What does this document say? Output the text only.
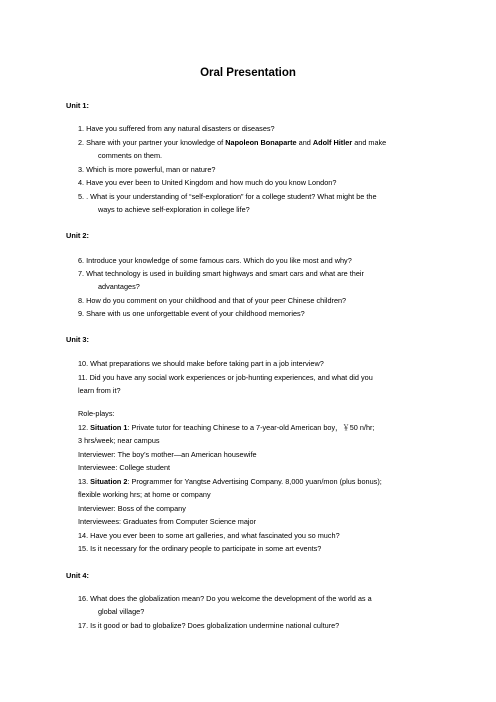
Oral Presentation
Unit 1:
1. Have you suffered from any natural disasters or diseases?
2. Share with your partner your knowledge of Napoleon Bonaparte and Adolf Hitler and make
comments on them.
3. Which is more powerful, man or nature?
4. Have you ever been to United Kingdom and how much do you know London?
5. . What is your understanding of “self-exploration” for a college student? What might be the
ways to achieve self-exploration in college life?
Unit 2:
6. Introduce your knowledge of some famous cars. Which do you like most and why?
7. What technology is used in building smart highways and smart cars and what are their
advantages?
8. How do you comment on your childhood and that of your peer Chinese children?
9. Share with us one unforgettable event of your childhood memories?
Unit 3:
10. What preparations we should make before taking part in a job interview?
11. Did you have any social work experiences or job-hunting experiences, and what did you
learn from it?
Role-plays:
12. Situation 1: Private tutor for teaching Chinese to a 7-year-old American boy，￥50 n/hr;
3 hrs/week; near campus
Interviewer: The boy’s mother—an American housewife
Interviewee: College student
13. Situation 2: Programmer for Yangtse Advertising Company. 8,000 yuan/mon (plus bonus);
flexible working hrs; at home or company
Interviewer: Boss of the company
Interviewees: Graduates from Computer Science major
14. Have you ever been to some art galleries, and what fascinated you so much?
15. Is it necessary for the ordinary people to participate in some art events?
Unit 4:
16. What does the globalization mean? Do you welcome the development of the world as a
global village?
17. Is it good or bad to globalize? Does globalization undermine national culture?
